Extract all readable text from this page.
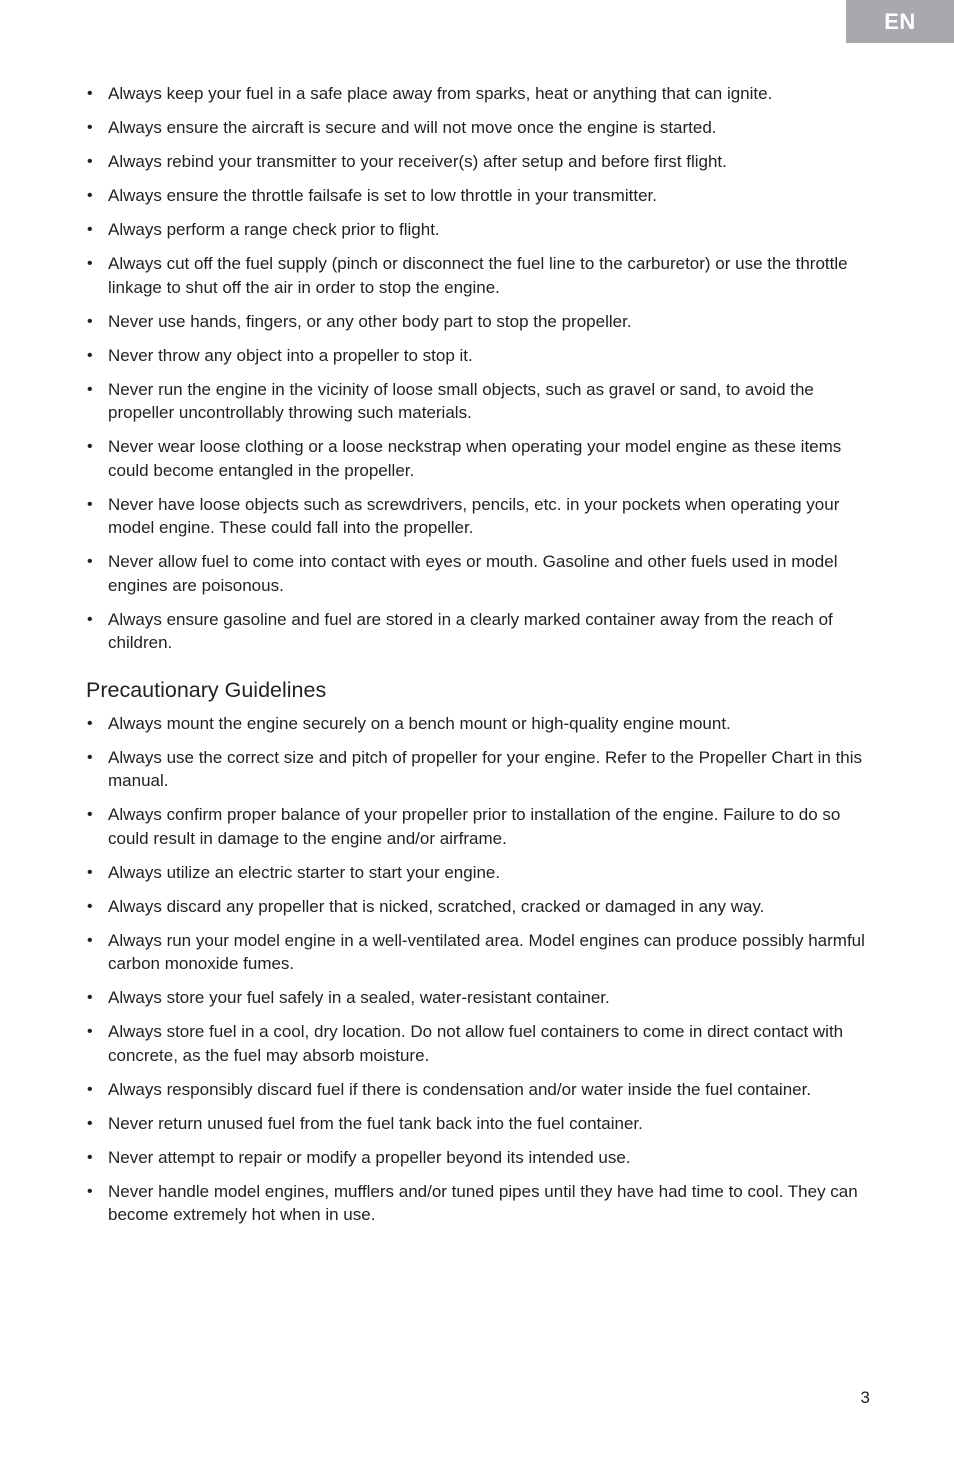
EN
• Always keep your fuel in a safe place away from sparks, heat or anything that can ignite.
• Always ensure the aircraft is secure and will not move once the engine is started.
• Always rebind your transmitter to your receiver(s) after setup and before first flight.
• Always ensure the throttle failsafe is set to low throttle in your transmitter.
• Always perform a range check prior to flight.
• Always cut off the fuel supply (pinch or disconnect the fuel line to the carburetor) or use the throttle linkage to shut off the air in order to stop the engine.
• Never use hands, fingers, or any other body part to stop the propeller.
• Never throw any object into a propeller to stop it.
• Never run the engine in the vicinity of loose small objects, such as gravel or sand, to avoid the propeller uncontrollably throwing such materials.
• Never wear loose clothing or a loose neckstrap when operating your model engine as these items could become entangled in the propeller.
• Never have loose objects such as screwdrivers, pencils, etc. in your pockets when operating your model engine. These could fall into the propeller.
• Never allow fuel to come into contact with eyes or mouth. Gasoline and other fuels used in model engines are poisonous.
• Always ensure gasoline and fuel are stored in a clearly marked container away from the reach of children.
Precautionary Guidelines
• Always mount the engine securely on a bench mount or high-quality engine mount.
• Always use the correct size and pitch of propeller for your engine. Refer to the Propeller Chart in this manual.
• Always confirm proper balance of your propeller prior to installation of the engine. Failure to do so could result in damage to the engine and/or airframe.
• Always utilize an electric starter to start your engine.
• Always discard any propeller that is nicked, scratched, cracked or damaged in any way.
• Always run your model engine in a well-ventilated area. Model engines can produce possibly harmful carbon monoxide fumes.
• Always store your fuel safely in a sealed, water-resistant container.
• Always store fuel in a cool, dry location. Do not allow fuel containers to come in direct contact with concrete, as the fuel may absorb moisture.
• Always responsibly discard fuel if there is condensation and/or water inside the fuel container.
• Never return unused fuel from the fuel tank back into the fuel container.
• Never attempt to repair or modify a propeller beyond its intended use.
• Never handle model engines, mufflers and/or tuned pipes until they have had time to cool. They can become extremely hot when in use.
3
